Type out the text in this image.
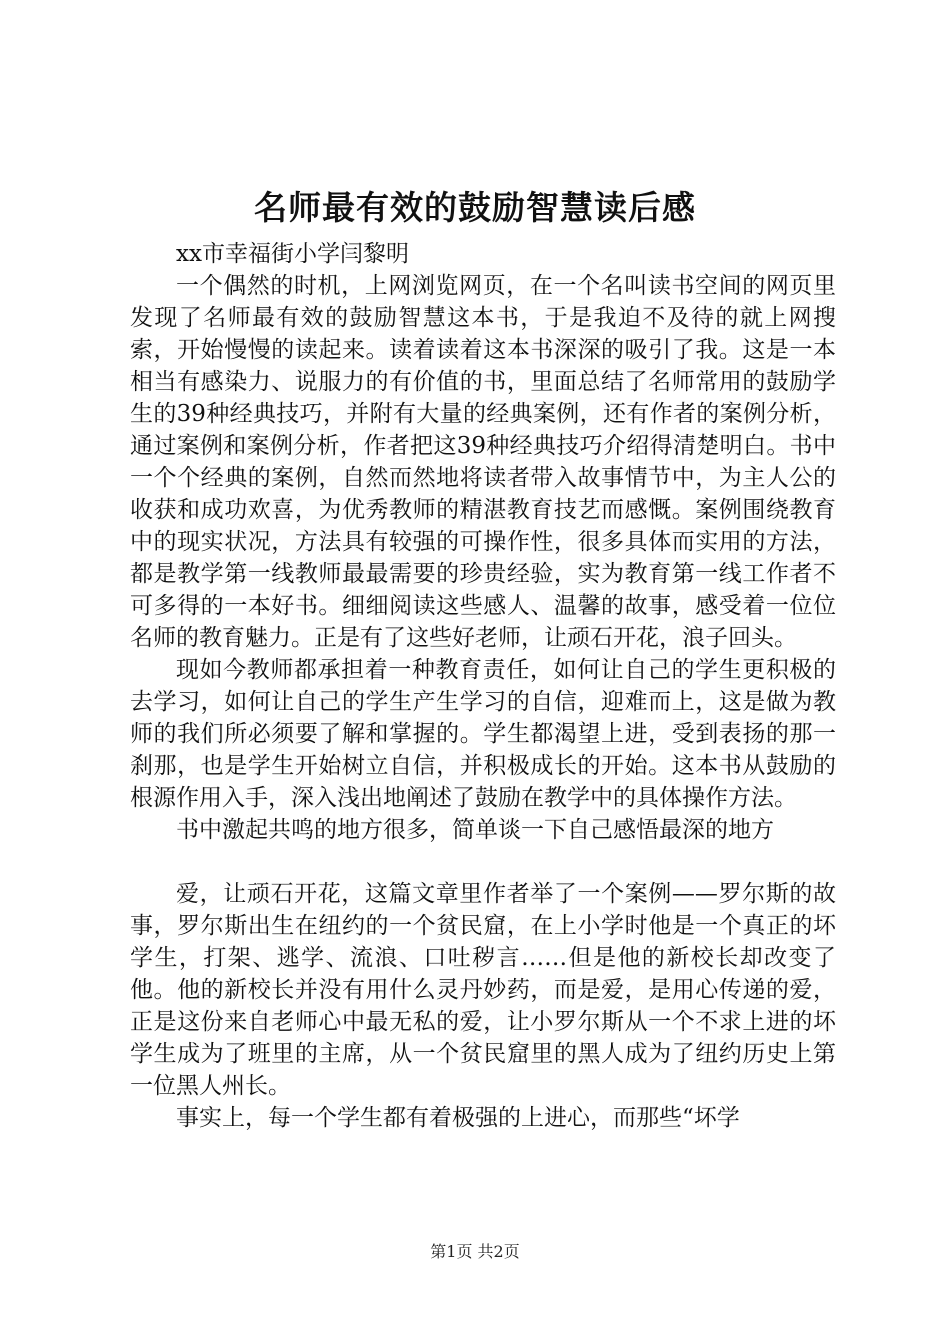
名师最有效的鼓励智慧读后感

xx市幸福街小学闫黎明

一个偶然的时机，上网浏览网页，在一个名叫读书空间的网页里发现了名师最有效的鼓励智慧这本书，于是我迫不及待的就上网搜索，开始慢慢的读起来。读着读着这本书深深的吸引了我。这是一本相当有感染力、说服力的有价值的书，里面总结了名师常用的鼓励学生的39种经典技巧，并附有大量的经典案例，还有作者的案例分析，通过案例和案例分析，作者把这39种经典技巧介绍得清楚明白。书中一个个经典的案例，自然而然地将读者带入故事情节中，为主人公的收获和成功欢喜，为优秀教师的精湛教育技艺而感慨。案例围绕教育中的现实状况，方法具有较强的可操作性，很多具体而实用的方法，都是教学第一线教师最最需要的珍贵经验，实为教育第一线工作者不可多得的一本好书。细细阅读这些感人、温馨的故事，感受着一位位名师的教育魅力。正是有了这些好老师，让顽石开花，浪子回头。

现如今教师都承担着一种教育责任，如何让自己的学生更积极的去学习，如何让自己的学生产生学习的自信，迎难而上，这是做为教师的我们所必须要了解和掌握的。学生都渴望上进，受到表扬的那一刹那，也是学生开始树立自信，并积极成长的开始。这本书从鼓励的根源作用入手，深入浅出地阐述了鼓励在教学中的具体操作方法。

书中激起共鸣的地方很多，简单谈一下自己感悟最深的地方

爱，让顽石开花，这篇文章里作者举了一个案例——罗尔斯的故事，罗尔斯出生在纽约的一个贫民窟，在上小学时他是一个真正的坏学生，打架、逃学、流浪、口吐秽言……但是他的新校长却改变了他。他的新校长并没有用什么灵丹妙药，而是爱，是用心传递的爱，正是这份来自老师心中最无私的爱，让小罗尔斯从一个不求上进的坏学生成为了班里的主席，从一个贫民窟里的黑人成为了纽约历史上第一位黑人州长。

事实上，每一个学生都有着极强的上进心，而那些“坏学

第1页 共2页
